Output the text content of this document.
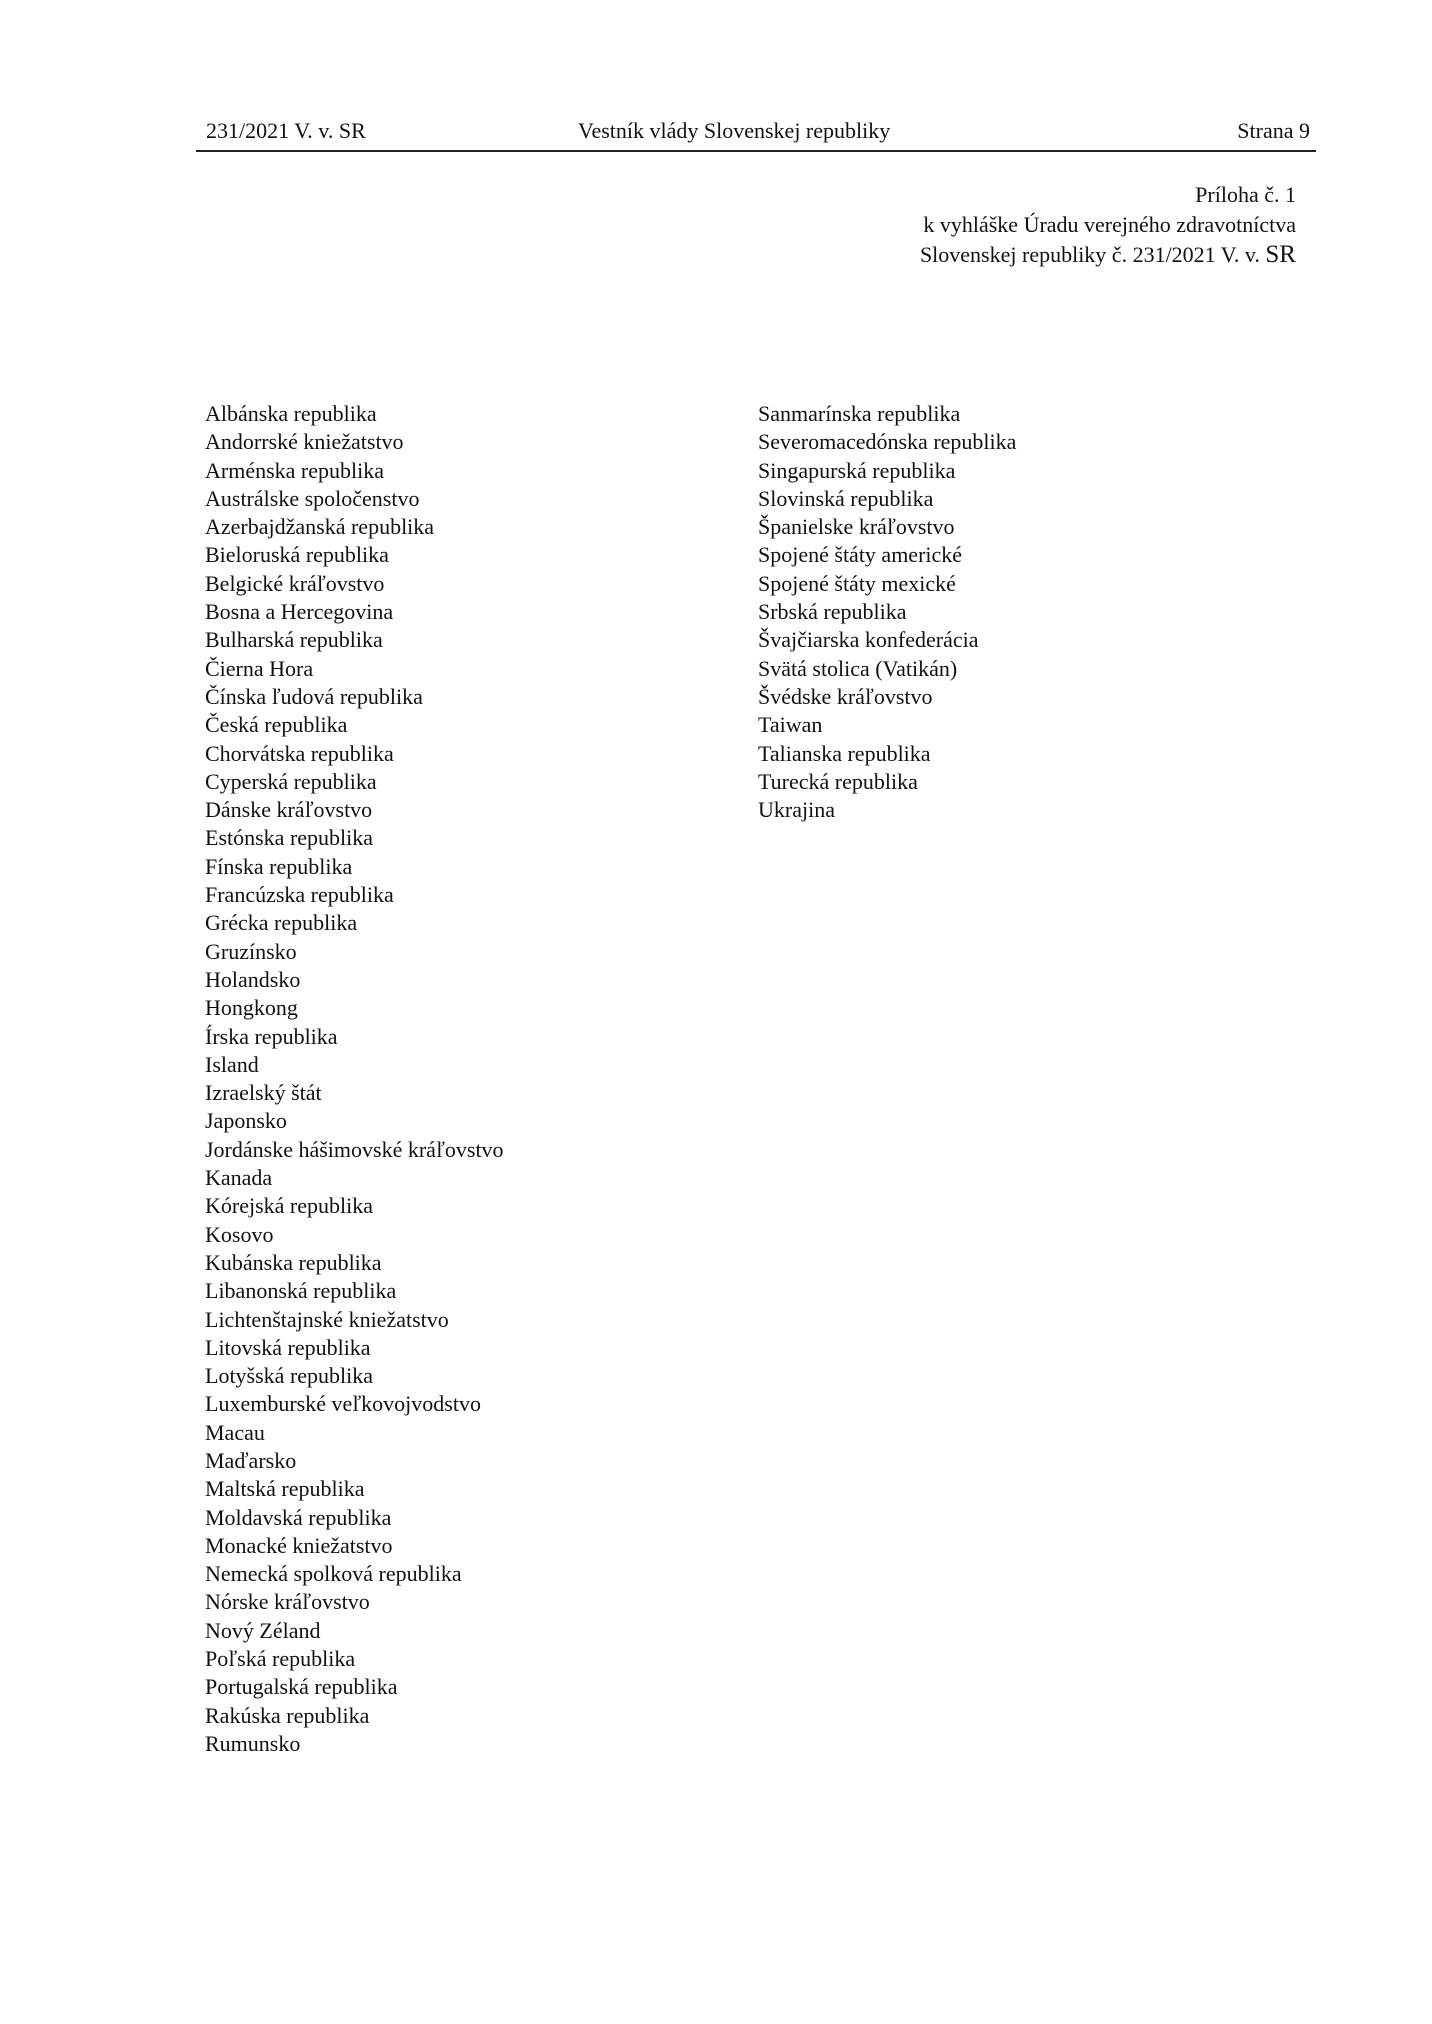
231/2021 V. v. SR	Vestník vlády Slovenskej republiky	Strana 9
Príloha č. 1
k vyhláške Úradu verejného zdravotníctva
Slovenskej republiky č. 231/2021 V. v. SR
Albánska republika
Andorrské kniežatstvo
Arménska republika
Austrálske spoločenstvo
Azerbajdžanská republika
Bieloruská republika
Belgické kráľovstvo
Bosna a Hercegovina
Bulharská republika
Čierna Hora
Čínska ľudová republika
Česká republika
Chorvátska republika
Cyperská republika
Dánske kráľovstvo
Estónska republika
Fínska republika
Francúzska republika
Grécka republika
Gruzínsko
Holandsko
Hongkong
Írska republika
Island
Izraelský štát
Japonsko
Jordánske hášimovské kráľovstvo
Kanada
Kórejská republika
Kosovo
Kubánska republika
Libanonská republika
Lichtenštajnské kniežatstvo
Litovská republika
Lotyšská republika
Luxemburské veľkovojvodstvo
Macau
Maďarsko
Maltská republika
Moldavská republika
Monacké kniežatstvo
Nemecká spolková republika
Nórske kráľovstvo
Nový Zéland
Poľská republika
Portugalská republika
Rakúska republika
Rumunsko
Sanmarínska republika
Severomacedónska republika
Singapurská republika
Slovinská republika
Španielske kráľovstvo
Spojené štáty americké
Spojené štáty mexické
Srbská republika
Švajčiarska konfederácia
Svätá stolica (Vatikán)
Švédske kráľovstvo
Taiwan
Talianska republika
Turecká republika
Ukrajina
